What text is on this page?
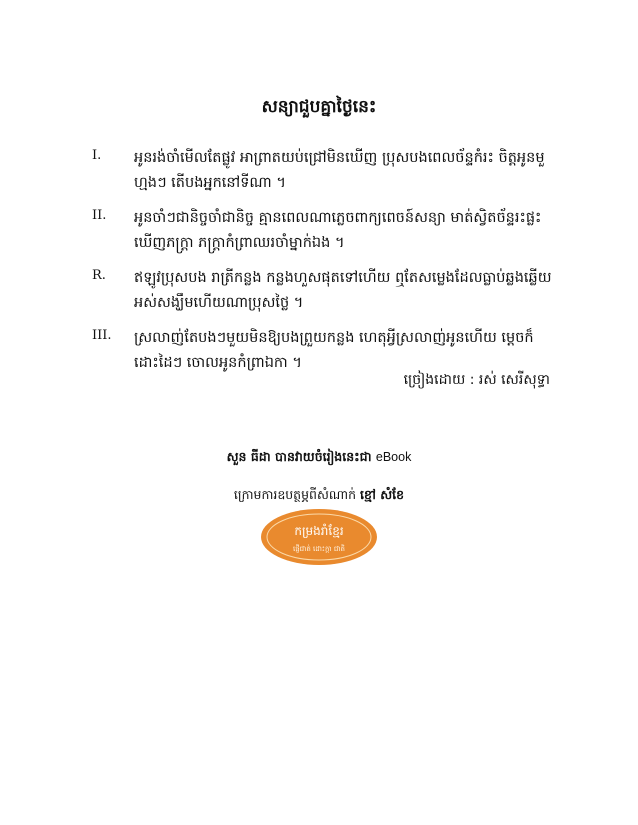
សន្យាជួបគ្នាថ្ងៃនេះ
I.	អូនរង់ចាំមើលតែផ្លូវ អាព្រាតយប់ជ្រៅមិនឃើញ ប្រុសបងពេលច័ន្ទកំរះ ចិត្តអូនមួ
ហ្មងៗ តើបងអ្នកនៅទីណា ។
II.	អូនចាំៗជានិច្ចចាំជានិច្ច គ្មានពេលណាភ្លេចពាក្យពេចន៍សន្យា មាត់ស្វិតច័ន្ទរះផ្លះ
ឃើញភក្ត្រា ភក្ត្រាកំព្រាឈរចាំម្នាក់ឯង ។
R.	ឥឡូវប្រុសបង រាត្រីកន្លង កន្លងហួសផុតទៅហើយ ឮតែសម្លេងដែលធ្លាប់ឆ្លងឆ្លើយ
អស់សង្ឃឹមហើយណាប្រុសថ្លៃ ។
III.	ស្រលាញ់តែបងៗមួយមិនឱ្យបងព្រួយកន្លង ហេតុអ្វីស្រលាញ់អូនហើយ ម្ដេចក៏
ដោះដៃៗ ចោលអូនកំព្រាឯកា ។
ច្រៀងដោយ : រស់ សេរីសុទ្ធា
សួន ធីដា បានវាយចំរៀងនេះជា eBook
ក្រោមការឧបត្ថម្ភពីសំណាក់ ខ្មៅ សំខែ
កម្រងរាំខ្មែរ
ផ្ញើជាត់ ដោះក្ដា ជាតិ
